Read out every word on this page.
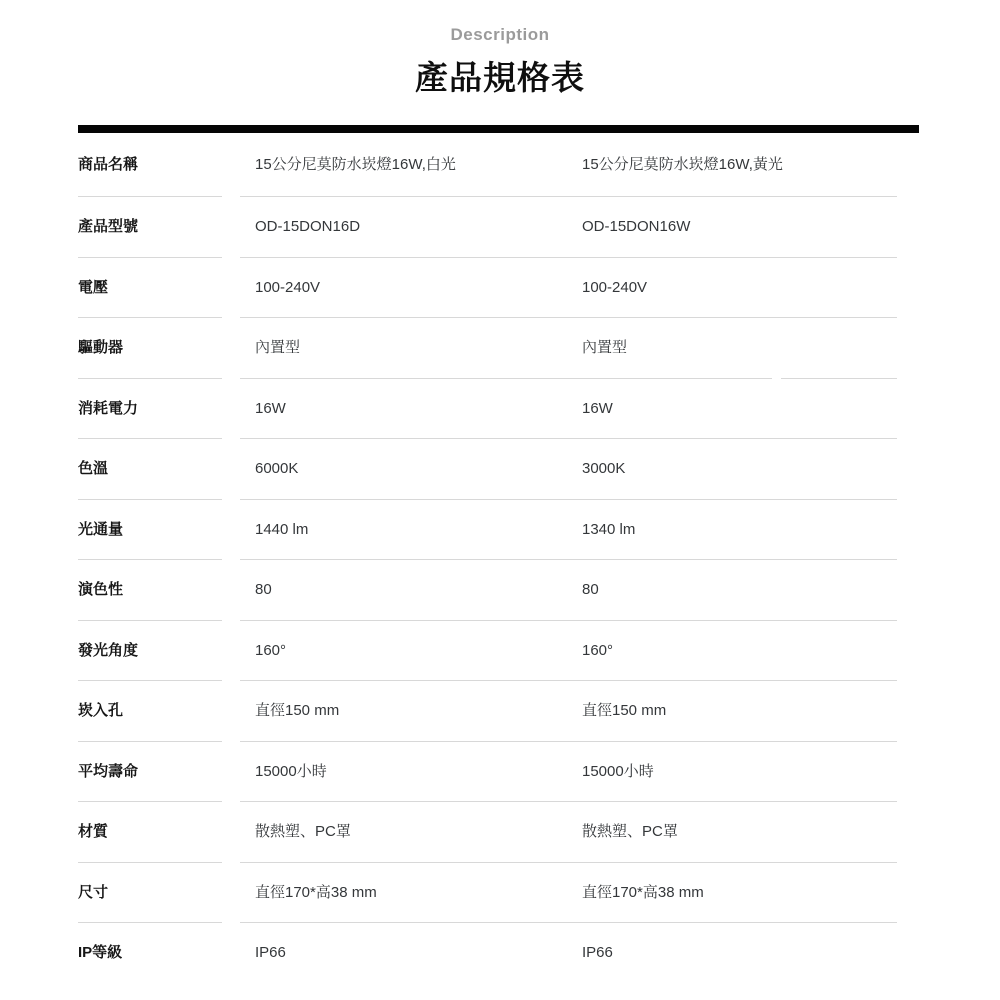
Description
產品規格表
商品名稱	15公分尼莫防水崁燈16W,白光	15公分尼莫防水崁燈16W,黃光
產品型號	OD-15DON16D	OD-15DON16W
電壓	100-240V	100-240V
驅動器	內置型	內置型
消耗電力	16W	16W
色溫	6000K	3000K
光通量	1440 lm	1340 lm
演色性	80	80
發光角度	160°	160°
崁入孔	直徑150 mm	直徑150 mm
平均壽命	15000小時	15000小時
材質	散熱塑、PC罩	散熱塑、PC罩
尺寸	直徑170*高38 mm	直徑170*高38 mm
IP等級	IP66	IP66
